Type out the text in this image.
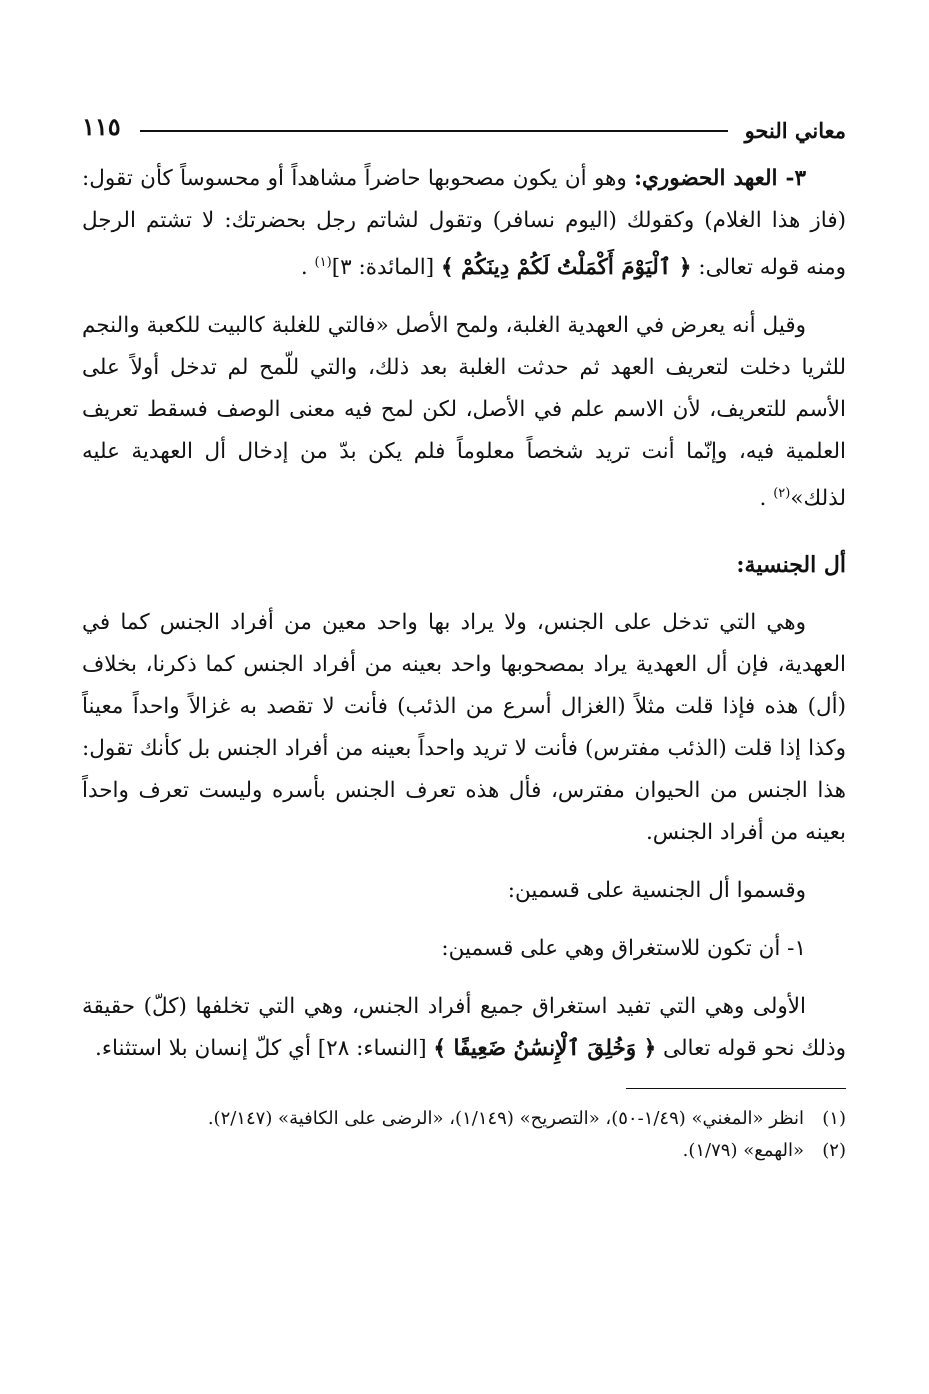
معاني النحو
١١٥

٣- العهد الحضوري: وهو أن يكون مصحوبها حاضراً مشاهداً أو محسوساً كأن تقول: (فاز هذا الغلام) وكقولك (اليوم نسافر) وتقول لشاتم رجل بحضرتك: لا تشتم الرجل ومنه قوله تعالى: ﴿ ٱلْيَوْمَ أَكْمَلْتُ لَكُمْ دِينَكُمْ ﴾ [المائدة: ٣]$^{(١)}$ .

وقيل أنه يعرض في العهدية الغلبة، ولمح الأصل «فالتي للغلبة كالبيت للكعبة والنجم للثريا دخلت لتعريف العهد ثم حدثت الغلبة بعد ذلك، والتي للّمح لم تدخل أولاً على الأسم للتعريف، لأن الاسم علم في الأصل، لكن لمح فيه معنى الوصف فسقط تعريف العلمية فيه، وإنّما أنت تريد شخصاً معلوماً فلم يكن بدّ من إدخال أل العهدية عليه لذلك»$^{(٢)}$ .

أل الجنسية:

وهي التي تدخل على الجنس، ولا يراد بها واحد معين من أفراد الجنس كما في العهدية، فإن أل العهدية يراد بمصحوبها واحد بعينه من أفراد الجنس كما ذكرنا، بخلاف (أل) هذه فإذا قلت مثلاً (الغزال أسرع من الذئب) فأنت لا تقصد به غزالاً واحداً معيناً وكذا إذا قلت (الذئب مفترس) فأنت لا تريد واحداً بعينه من أفراد الجنس بل كأنك تقول: هذا الجنس من الحيوان مفترس، فأل هذه تعرف الجنس بأسره وليست تعرف واحداً بعينه من أفراد الجنس.

وقسموا أل الجنسية على قسمين:

١- أن تكون للاستغراق وهي على قسمين:

الأولى وهي التي تفيد استغراق جميع أفراد الجنس، وهي التي تخلفها (كلّ) حقيقة وذلك نحو قوله تعالى ﴿ وَخُلِقَ ٱلْإِنسَٰنُ ضَعِيفًا ﴾ [النساء: ٢٨] أي كلّ إنسان بلا استثناء.

(١)
انظر «المغني» (١/٤٩-٥٠)، «التصريح» (١/١٤٩)، «الرضى على الكافية» (٢/١٤٧).
(٢)
«الهمع» (١/٧٩).
